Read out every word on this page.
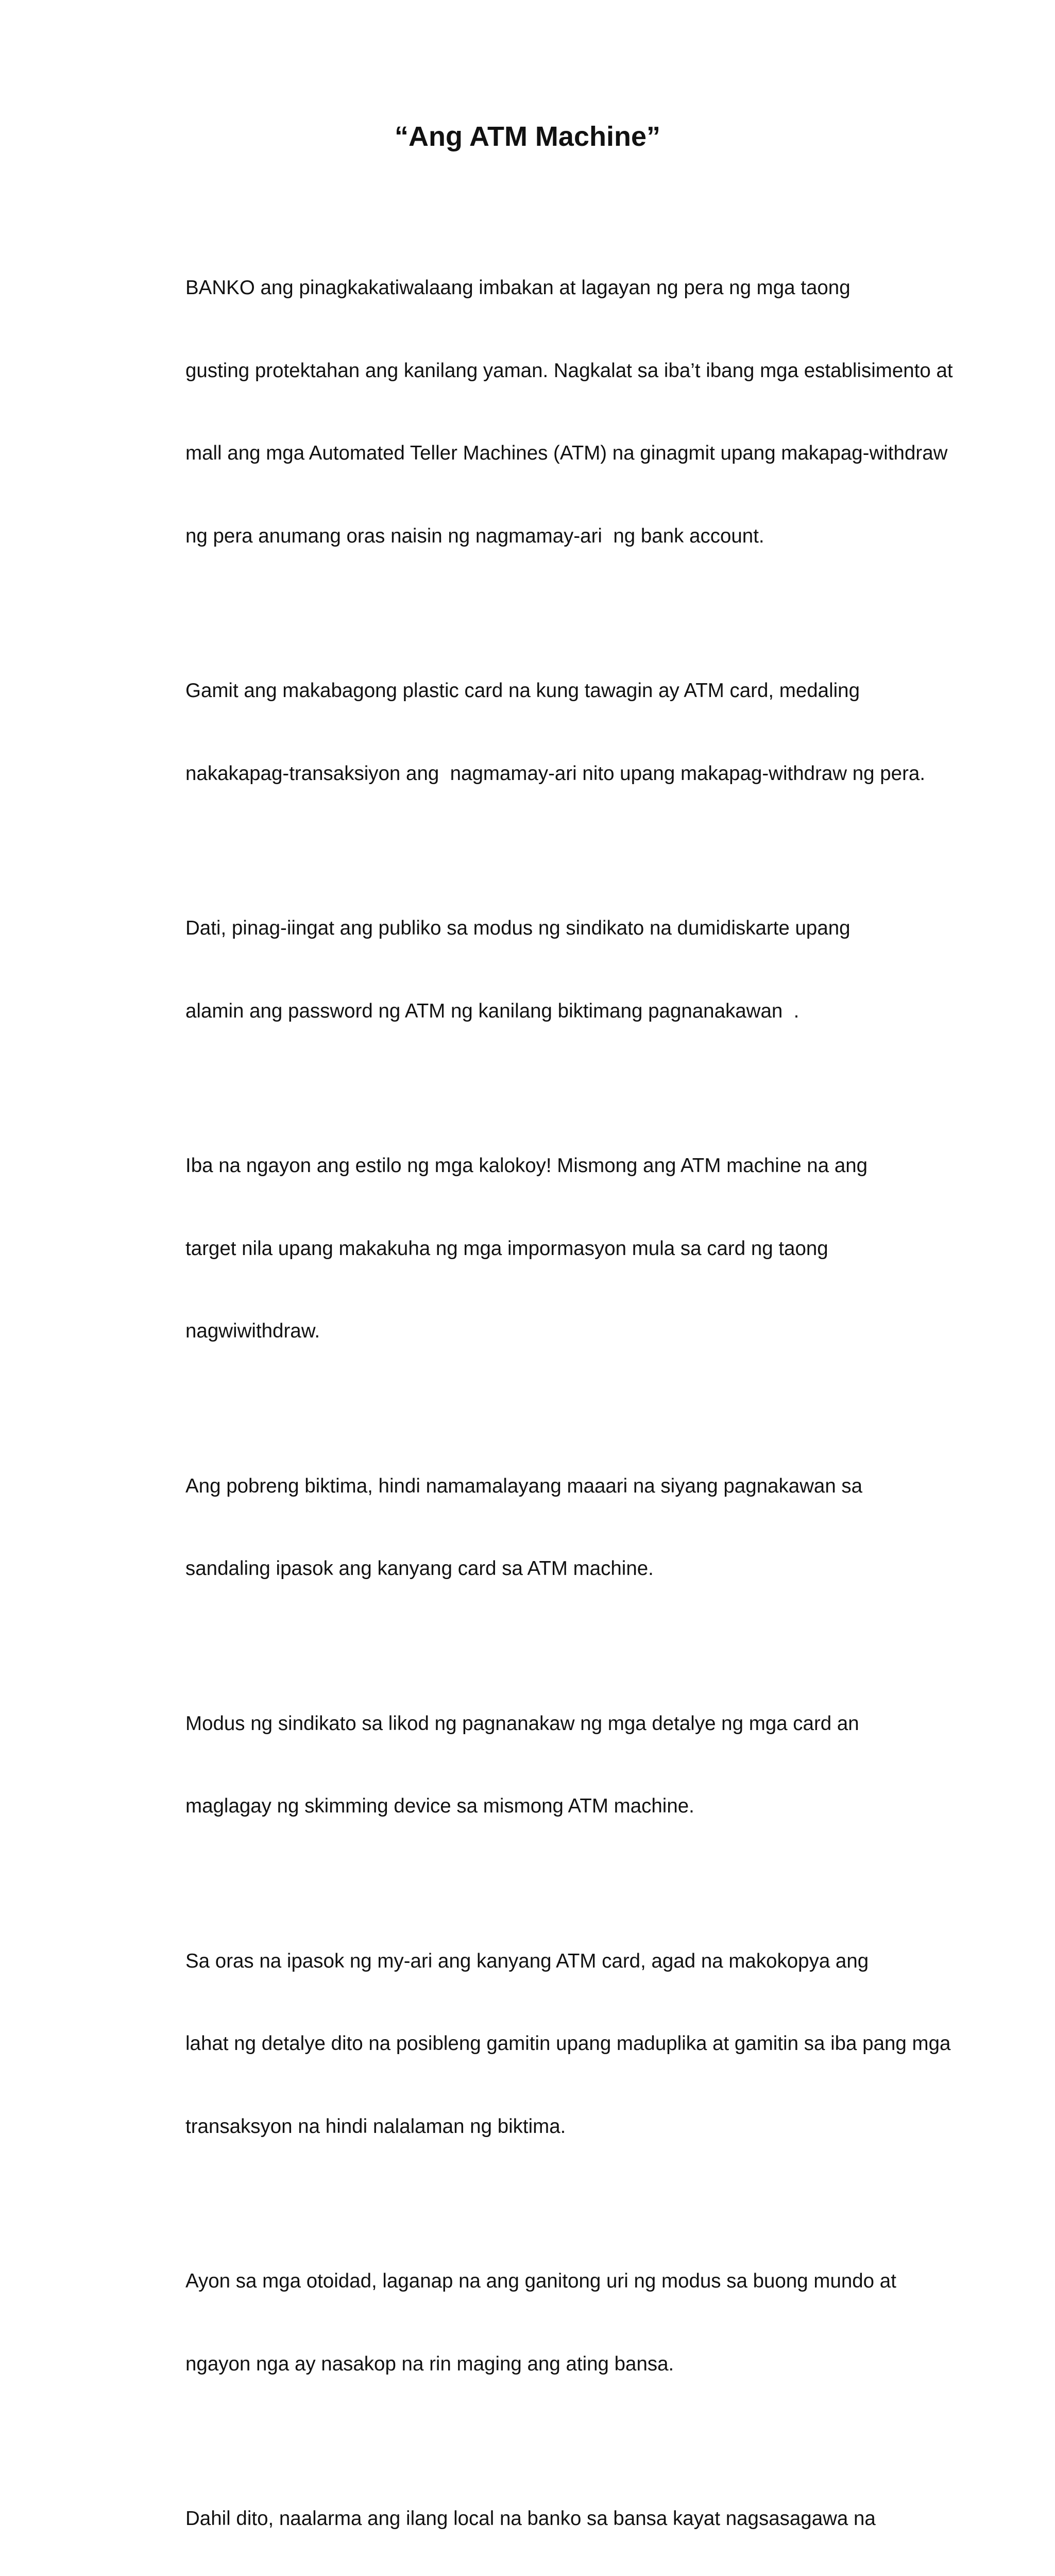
“Ang ATM Machine”

BANKO ang pinagkakatiwalaang imbakan at lagayan ng pera ng mga taong

gusting protektahan ang kanilang yaman. Nagkalat sa iba’t ibang mga establisimento at

mall ang mga Automated Teller Machines (ATM) na ginagmit upang makapag-withdraw

ng pera anumang oras naisin ng nagmamay-ari  ng bank account.

Gamit ang makabagong plastic card na kung tawagin ay ATM card, medaling

nakakapag-transaksiyon ang  nagmamay-ari nito upang makapag-withdraw ng pera.

Dati, pinag-iingat ang publiko sa modus ng sindikato na dumidiskarte upang

alamin ang password ng ATM ng kanilang biktimang pagnanakawan  .

Iba na ngayon ang estilo ng mga kalokoy! Mismong ang ATM machine na ang

target nila upang makakuha ng mga impormasyon mula sa card ng taong

nagwiwithdraw.

Ang pobreng biktima, hindi namamalayang maaari na siyang pagnakawan sa

sandaling ipasok ang kanyang card sa ATM machine.

Modus ng sindikato sa likod ng pagnanakaw ng mga detalye ng mga card an

maglagay ng skimming device sa mismong ATM machine.

Sa oras na ipasok ng my-ari ang kanyang ATM card, agad na makokopya ang

lahat ng detalye dito na posibleng gamitin upang maduplika at gamitin sa iba pang mga

transaksyon na hindi nalalaman ng biktima.

Ayon sa mga otoidad, laganap na ang ganitong uri ng modus sa buong mundo at

ngayon nga ay nasakop na rin maging ang ating bansa.

Dahil dito, naalarma ang ilang local na banko sa bansa kayat nagsasagawa na
